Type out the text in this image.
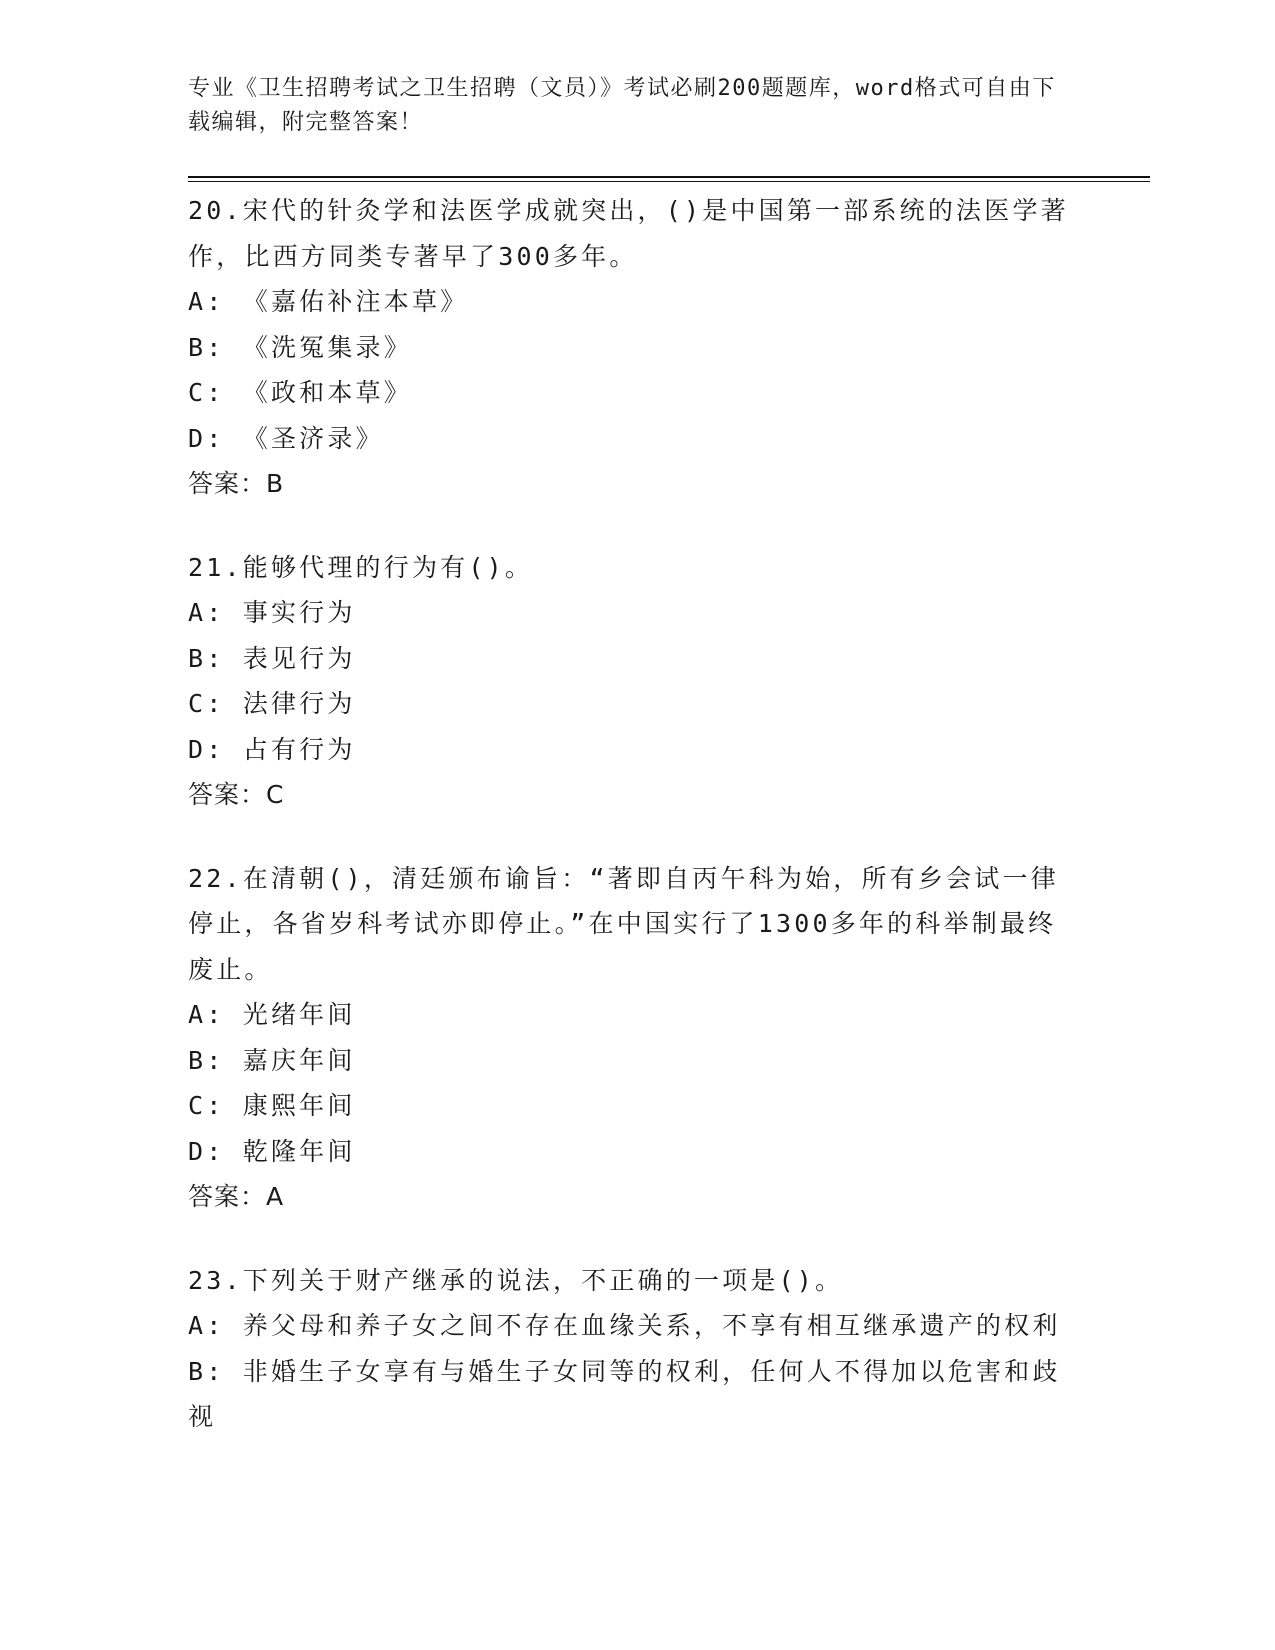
专业《卫生招聘考试之卫生招聘（文员）》考试必刷200题题库，word格式可自由下载编辑，附完整答案！
20.宋代的针灸学和法医学成就突出，()是中国第一部系统的法医学著作，比西方同类专著早了300多年。
A: 《嘉佑补注本草》
B: 《洗冤集录》
C: 《政和本草》
D: 《圣济录》
答案：B
21.能够代理的行为有()。
A: 事实行为
B: 表见行为
C: 法律行为
D: 占有行为
答案：C
22.在清朝()，清廷颁布谕旨：“著即自丙午科为始，所有乡会试一律停止，各省岁科考试亦即停止。”在中国实行了1300多年的科举制最终废止。
A: 光绪年间
B: 嘉庆年间
C: 康熙年间
D: 乾隆年间
答案：A
23.下列关于财产继承的说法，不正确的一项是()。
A: 养父母和养子女之间不存在血缘关系，不享有相互继承遗产的权利
B: 非婚生子女享有与婚生子女同等的权利，任何人不得加以危害和歧视
